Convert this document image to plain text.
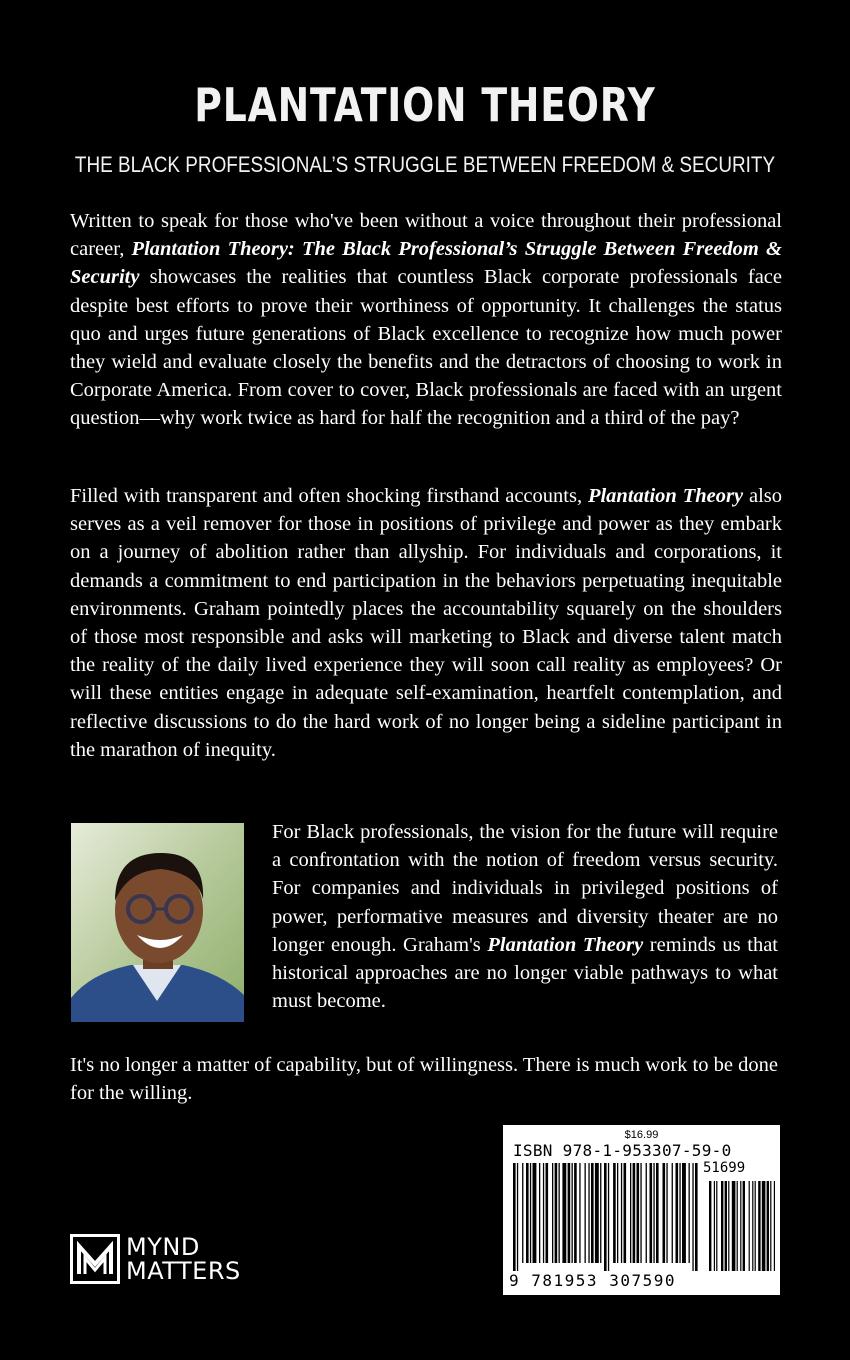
PLANTATION THEORY
THE BLACK PROFESSIONAL’S STRUGGLE BETWEEN FREEDOM & SECURITY

Written to speak for those who've been without a voice throughout their professional career, Plantation Theory: The Black Professional’s Struggle Between Freedom & Security showcases the realities that countless Black corporate professionals face despite best efforts to prove their worthiness of opportunity. It challenges the status quo and urges future generations of Black excellence to recognize how much power they wield and evaluate closely the benefits and the detractors of choosing to work in Corporate America. From cover to cover, Black professionals are faced with an urgent question—why work twice as hard for half the recognition and a third of the pay?

Filled with transparent and often shocking firsthand accounts, Plantation Theory also serves as a veil remover for those in positions of privilege and power as they embark on a journey of abolition rather than allyship. For individuals and corporations, it demands a commitment to end participation in the behaviors perpetuating inequitable environments. Graham pointedly places the accountability squarely on the shoulders of those most responsible and asks will marketing to Black and diverse talent match the reality of the daily lived experience they will soon call reality as employees? Or will these entities engage in adequate self-examination, heartfelt contemplation, and reflective discussions to do the hard work of no longer being a sideline participant in the marathon of inequity.

For Black professionals, the vision for the future will require a confrontation with the notion of freedom versus security. For companies and individuals in privileged positions of power, performative measures and diversity theater are no longer enough. Graham's Plantation Theory reminds us that historical approaches are no longer viable pathways to what must become.

It's no longer a matter of capability, but of willingness. There is much work to be done for the willing.

MYND
MATTERS
$16.99
ISBN 978-1-953307-59-0
51699
9 781953 307590
